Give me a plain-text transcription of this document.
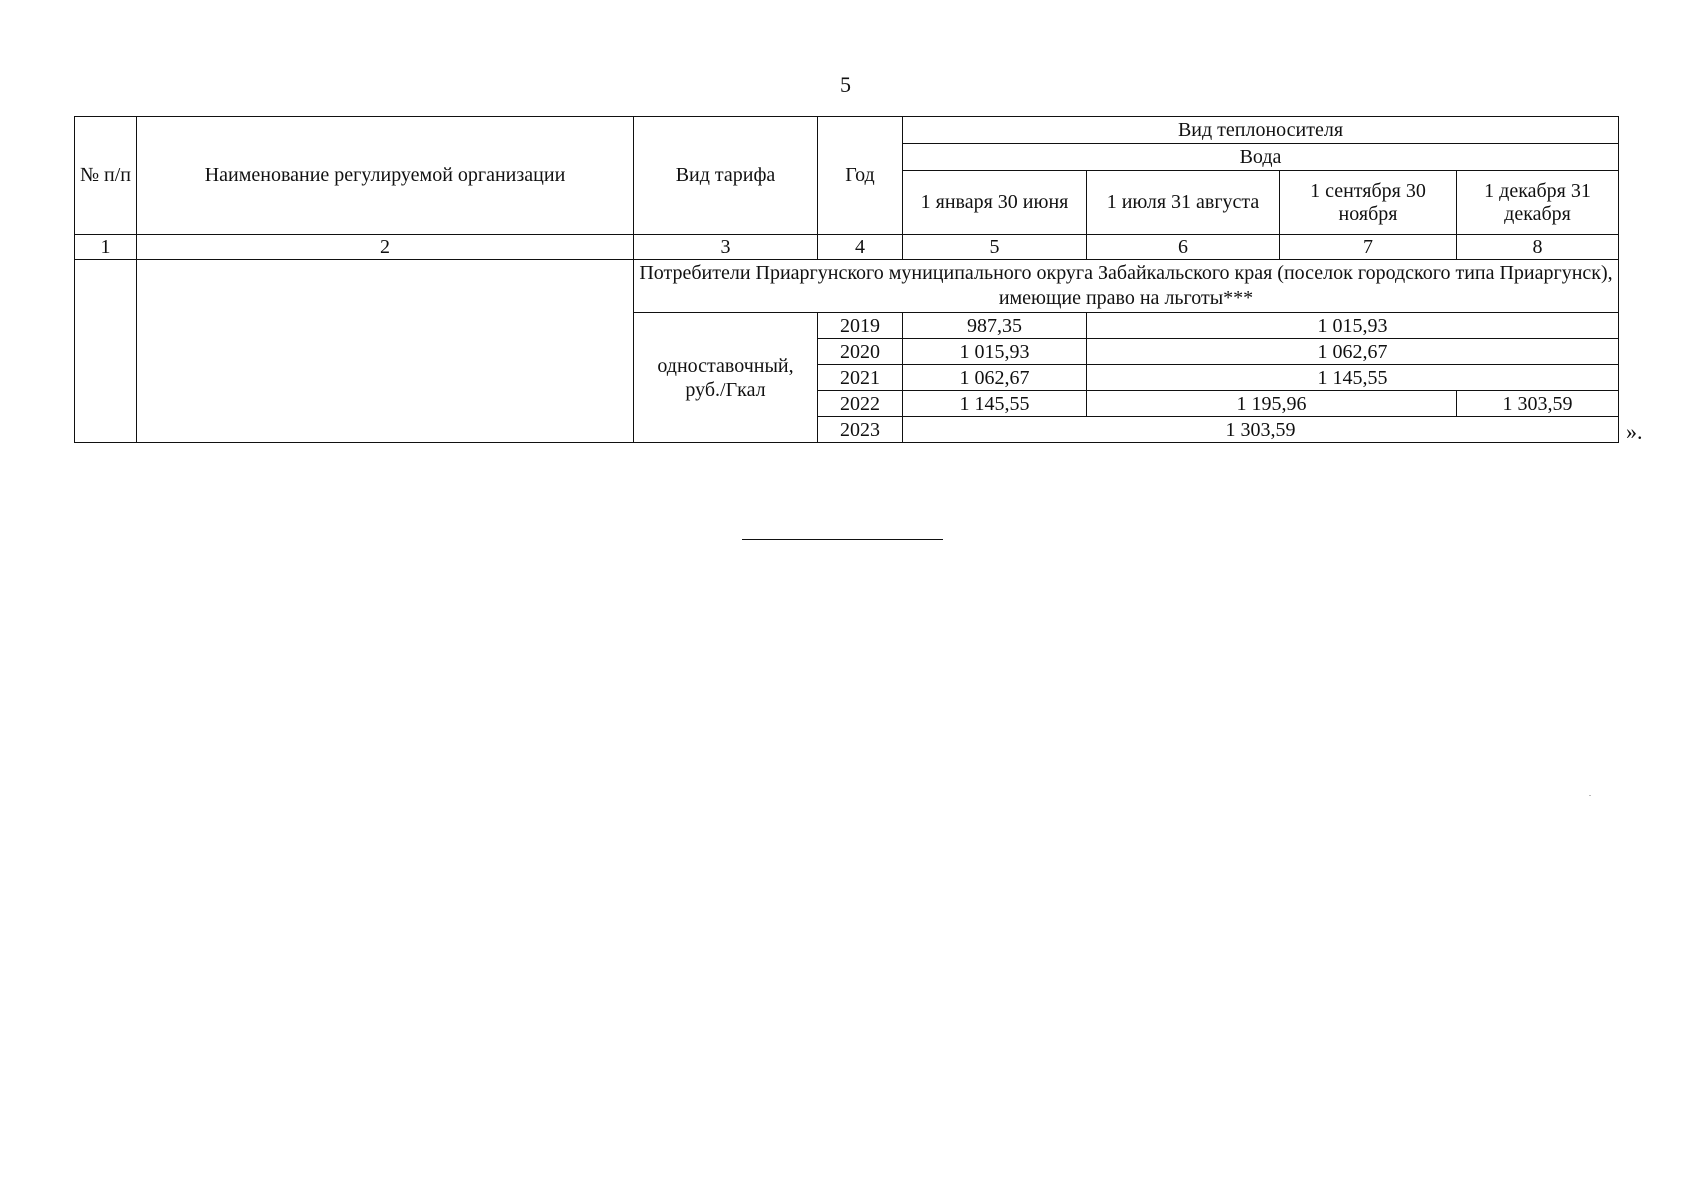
5
№ п/п	Наименование регулируемой организации	Вид тарифа	Год	Вид теплоносителя			
				Вода			
				1 января 30 июня	1 июля 31 августа	1 сентября 30 ноября	1 декабря 31 декабря
1	2	3	4	5	6	7	8
		Потребители Приаргунского муниципального округа Забайкальского края (поселок городского типа Приаргунск), имеющие право на льготы***					
		одноставочный, руб./Гкал	2019	987,35	1 015,93		
			2020	1 015,93	1 062,67		
			2021	1 062,67	1 145,55		
			2022	1 145,55	1 195,96		1 303,59
			2023	1 303,59				».
